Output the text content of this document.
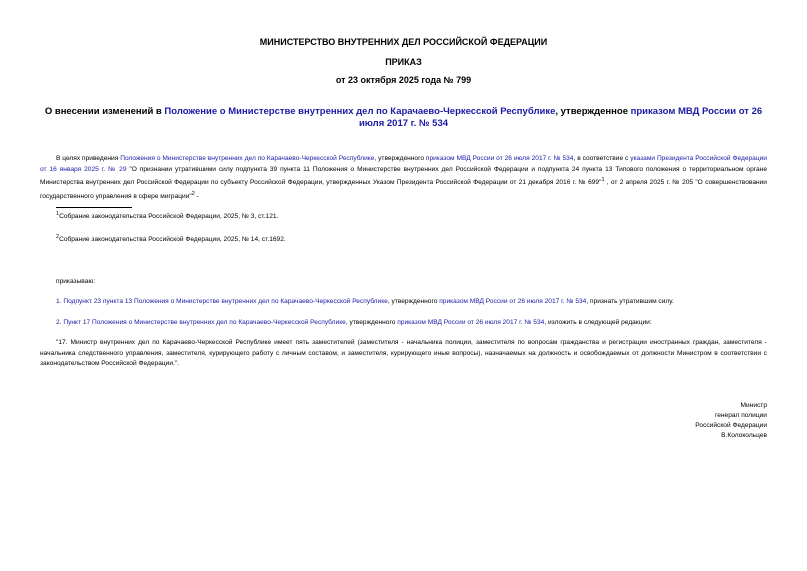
МИНИСТЕРСТВО ВНУТРЕННИХ ДЕЛ РОССИЙСКОЙ ФЕДЕРАЦИИ
ПРИКАЗ
от 23 октября 2025 года № 799
О внесении изменений в Положение о Министерстве внутренних дел по Карачаево-Черкесской Республике, утвержденное приказом МВД России от 26 июля 2017 г. № 534
В целях приведения Положения о Министерстве внутренних дел по Карачаево-Черкесской Республике, утвержденного приказом МВД России от 26 июля 2017 г. № 534, в соответствие с указами Президента Российской Федерации от 16 января 2025 г. № 29 "О признании утратившими силу подпункта 39 пункта 11 Положения о Министерстве внутренних дел Российской Федерации и подпункта 24 пункта 13 Типового положения о территориальном органе Министерства внутренних дел Российской Федерации по субъекту Российской Федерации, утвержденных Указом Президента Российской Федерации от 21 декабря 2016 г. № 699"$^1$ , от 2 апреля 2025 г. № 205 "О совершенствовании государственного управления в сфере миграции"$^2$ -
$^1$Собрание законодательства Российской Федерации, 2025, № 3, ст.121.
$^2$Собрание законодательства Российской Федерации, 2025, № 14, ст.1692.
приказываю:
1. Подпункт 23 пункта 13 Положения о Министерстве внутренних дел по Карачаево-Черкесской Республике, утвержденного приказом МВД России от 26 июля 2017 г. № 534, признать утратившим силу.
2. Пункт 17 Положения о Министерстве внутренних дел по Карачаево-Черкесской Республике, утвержденного приказом МВД России от 26 июля 2017 г. № 534, изложить в следующей редакции:
"17. Министр внутренних дел по Карачаево-Черкесской Республике имеет пять заместителей (заместителя - начальника полиции, заместителя по вопросам гражданства и регистрации иностранных граждан, заместителя - начальника следственного управления, заместителя, курирующего работу с личным составом, и заместителя, курирующего иные вопросы), назначаемых на должность и освобождаемых от должности Министром в соответствии с законодательством Российской Федерации.".
Министр
генерал полиции
Российской Федерации
В.Колокольцев
